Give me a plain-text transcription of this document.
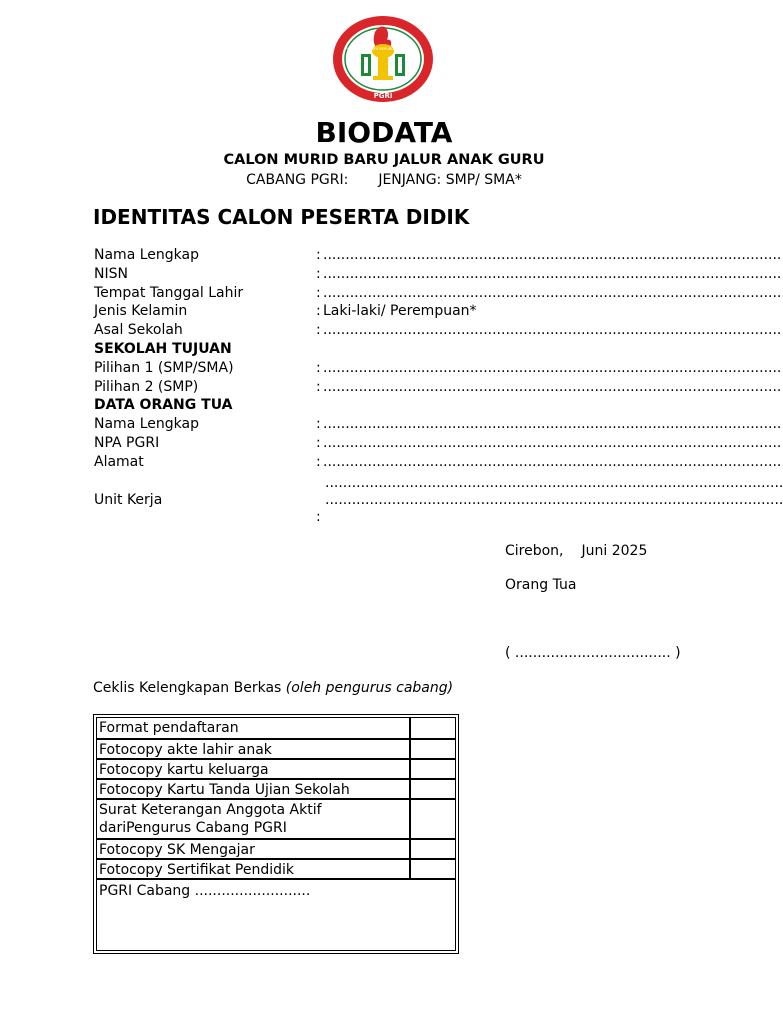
PGRI
PERSATUAN GURU REPUBLIK INDONESIA
BIODATA
CALON MURID BARU JALUR ANAK GURU
CABANG PGRI: JENJANG: SMP/ SMA*
IDENTITAS CALON PESERTA DIDIK
Nama Lengkap	: .......................................................................................................
NISN	: .......................................................................................................
Tempat Tanggal Lahir	: .......................................................................................................
Jenis Kelamin	: Laki-laki/ Perempuan*
Asal Sekolah	: .......................................................................................................
SEKOLAH TUJUAN
Pilihan 1 (SMP/SMA)	: .......................................................................................................
Pilihan 2 (SMP)	: .......................................................................................................
DATA ORANG TUA
Nama Lengkap	: .......................................................................................................
NPA PGRI	: .......................................................................................................
Alamat	: .......................................................................................................
.......................................................................................................
Unit Kerja	.......................................................................................................
:
Cirebon, Juni 2025
Orang Tua
( ................................... )
Ceklis Kelengkapan Berkas (oleh pengurus cabang)
Format pendaftaran
Fotocopy akte lahir anak
Fotocopy kartu keluarga
Fotocopy Kartu Tanda Ujian Sekolah
Surat Keterangan Anggota Aktif dariPengurus Cabang PGRI
Fotocopy SK Mengajar
Fotocopy Sertifikat Pendidik
PGRI Cabang ..........................
